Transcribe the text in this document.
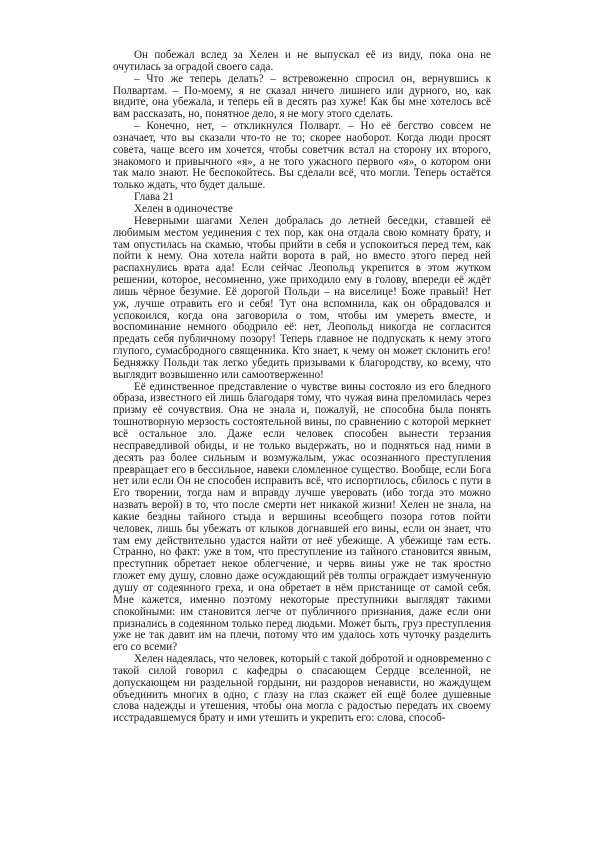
Он побежал вслед за Хелен и не выпускал её из виду, пока она не очутилась за оградой своего сада.

– Что же теперь делать? – встревоженно спросил он, вернувшись к Полвартам. – По-моему, я не сказал ничего лишнего или дурного, но, как видите, она убежала, и теперь ей в десять раз хуже! Как бы мне хотелось всё вам рассказать, но, понятное дело, я не могу этого сделать.

– Конечно, нет, – откликнулся Полварт. – Но её бегство совсем не означает, что вы сказали что-то не то; скорее наоборот. Когда люди просят совета, чаще всего им хочется, чтобы советчик встал на сторону их второго, знакомого и привычного «я», а не того ужасного первого «я», о котором они так мало знают. Не беспокойтесь. Вы сделали всё, что могли. Теперь остаётся только ждать, что будет дальше.

Глава 21
Хелен в одиночестве

Неверными шагами Хелен добралась до летней беседки, ставшей её любимым местом уединения с тех пор, как она отдала свою комнату брату, и там опустилась на скамью, чтобы прийти в себя и успокоиться перед тем, как пойти к нему. Она хотела найти ворота в рай, но вместо этого перед ней распахнулись врата ада! Если сейчас Леопольд укрепится в этом жутком решении, которое, несомненно, уже приходило ему в голову, впереди её ждёт лишь чёрное безумие. Её дорогой Польди – на виселице! Боже правый! Нет уж, лучше отравить его и себя! Тут она вспомнила, как он обрадовался и успокоился, когда она заговорила о том, чтобы им умереть вместе, и воспоминание немного ободрило её: нет, Леопольд никогда не согласится предать себя публичному позору! Теперь главное не подпускать к нему этого глупого, сумасбродного священника. Кто знает, к чему он может склонить его! Бедняжку Польди так легко убедить призывами к благородству, ко всему, что выглядит возвышенно или самоотверженно!

Её единственное представление о чувстве вины состояло из его бледного образа, известного ей лишь благодаря тому, что чужая вина преломилась через призму её сочувствия. Она не знала и, пожалуй, не способна была понять тошнотворную мерзость состоятельной вины, по сравнению с которой меркнет всё остальное зло. Даже если человек способен вынести терзания несправедливой обиды, и не только выдержать, но и подняться над ними в десять раз более сильным и возмужалым, ужас осознанного преступления превращает его в бессильное, навеки сломленное существо. Вообще, если Бога нет или если Он не способен исправить всё, что испортилось, сбилось с пути в Его творении, тогда нам и вправду лучше уверовать (ибо тогда это можно назвать верой) в то, что после смерти нет никакой жизни! Хелен не знала, на какие бездны тайного стыда и вершины всеобщего позора готов пойти человек, лишь бы убежать от клыков догнавшей его вины, если он знает, что там ему действительно удастся найти от неё убежище. А убежище там есть. Странно, но факт: уже в том, что преступление из тайного становится явным, преступник обретает некое облегчение, и червь вины уже не так яростно гложет ему душу, словно даже осуждающий рёв толпы ограждает измученную душу от содеянного греха, и она обретает в нём пристанище от самой себя. Мне кажется, именно поэтому некоторые преступники выглядят такими спокойными: им становится легче от публичного признания, даже если они признались в содеянном только перед людьми. Может быть, груз преступления уже не так давит им на плечи, потому что им удалось хоть чуточку разделить его со всеми?

Хелен надеялась, что человек, который с такой добротой и одновременно с такой силой говорил с кафедры о спасающем Сердце вселенной, не допускающем ни раздельной гордыни, ни раздоров ненависти, но жаждущем объединить многих в одно, с глазу на глаз скажет ей ещё более душевные слова надежды и утешения, чтобы она могла с радостью передать их своему исстрадавшемуся брату и ими утешить и укрепить его: слова, способ-
